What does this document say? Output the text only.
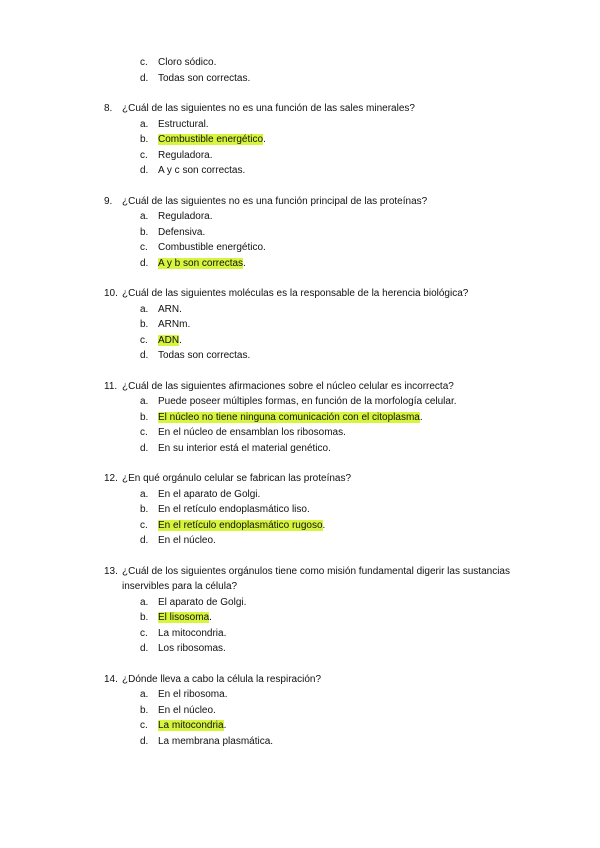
c.	Cloro sódico.
d. Todas son correctas.
8. ¿Cuál de las siguientes no es una función de las sales minerales?
a. Estructural.
b. Combustible energético.
c.	Reguladora.
d. A y c son correctas.
9. ¿Cuál de las siguientes no es una función principal de las proteínas?
a. Reguladora.
b. Defensiva.
c.	Combustible energético.
d. A y b son correctas.
10. ¿Cuál de las siguientes moléculas es la responsable de la herencia biológica?
a. ARN.
b. ARNm.
c.	ADN.
d. Todas son correctas.
11. ¿Cuál de las siguientes afirmaciones sobre el núcleo celular es incorrecta?
a. Puede poseer múltiples formas, en función de la morfología celular.
b. El núcleo no tiene ninguna comunicación con el citoplasma.
c.	En el núcleo de ensamblan los ribosomas.
d. En su interior está el material genético.
12. ¿En qué orgánulo celular se fabrican las proteínas?
a. En el aparato de Golgi.
b. En el retículo endoplasmático liso.
c.	En el retículo endoplasmático rugoso.
d. En el núcleo.
13. ¿Cuál de los siguientes orgánulos tiene como misión fundamental digerir las sustancias
inservibles para la célula?
a. El aparato de Golgi.
b. El lisosoma.
c.	La mitocondria.
d. Los ribosomas.
14. ¿Dónde lleva a cabo la célula la respiración?
a. En el ribosoma.
b. En el núcleo.
c.	La mitocondria.
d. La membrana plasmática.
